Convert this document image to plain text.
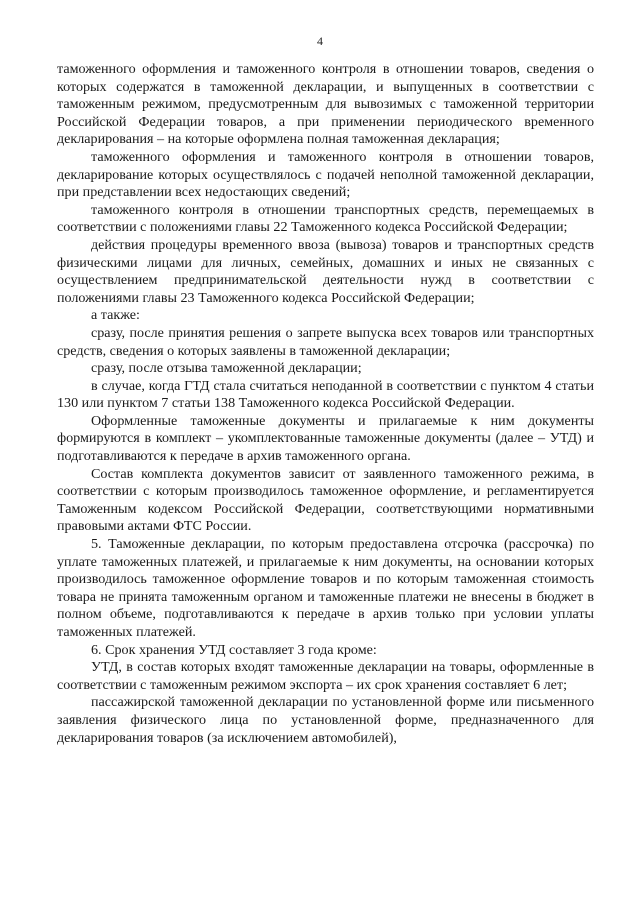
4

таможенного оформления и таможенного контроля в отношении товаров, сведения о которых содержатся в таможенной декларации, и выпущенных в соответствии с таможенным режимом, предусмотренным для вывозимых с таможенной территории Российской Федерации товаров, а при применении периодического временного декларирования – на которые оформлена полная таможенная декларация;

таможенного оформления и таможенного контроля в отношении товаров, декларирование которых осуществлялось с подачей неполной таможенной декларации, при представлении всех недостающих сведений;

таможенного контроля в отношении транспортных средств, перемещаемых в соответствии с положениями главы 22 Таможенного кодекса Российской Федерации;

действия процедуры временного ввоза (вывоза) товаров и транспортных средств физическими лицами для личных, семейных, домашних и иных не связанных с осуществлением предпринимательской деятельности нужд в соответствии с положениями главы 23 Таможенного кодекса Российской Федерации;

а также:

сразу, после принятия решения о запрете выпуска всех товаров или транспортных средств, сведения о которых заявлены в таможенной декларации;

сразу, после отзыва таможенной декларации;

в случае, когда ГТД стала считаться неподанной в соответствии с пунктом 4 статьи 130 или пунктом 7 статьи 138 Таможенного кодекса Российской Федерации.

Оформленные таможенные документы и прилагаемые к ним документы формируются в комплект – укомплектованные таможенные документы (далее – УТД) и подготавливаются к передаче в архив таможенного органа.

Состав комплекта документов зависит от заявленного таможенного режима, в соответствии с которым производилось таможенное оформление, и регламентируется Таможенным кодексом Российской Федерации, соответствующими нормативными правовыми актами ФТС России.

5. Таможенные декларации, по которым предоставлена отсрочка (рассрочка) по уплате таможенных платежей, и прилагаемые к ним документы, на основании которых производилось таможенное оформление товаров и по которым таможенная стоимость товара не принята таможенным органом и таможенные платежи не внесены в бюджет в полном объеме, подготавливаются к передаче в архив только при условии уплаты таможенных платежей.

6. Срок хранения УТД составляет 3 года кроме:

УТД, в состав которых входят таможенные декларации на товары, оформленные в соответствии с таможенным режимом экспорта – их срок хранения составляет 6 лет;

пассажирской таможенной декларации по установленной форме или письменного заявления физического лица по установленной форме, предназначенного для декларирования товаров (за исключением автомобилей),
